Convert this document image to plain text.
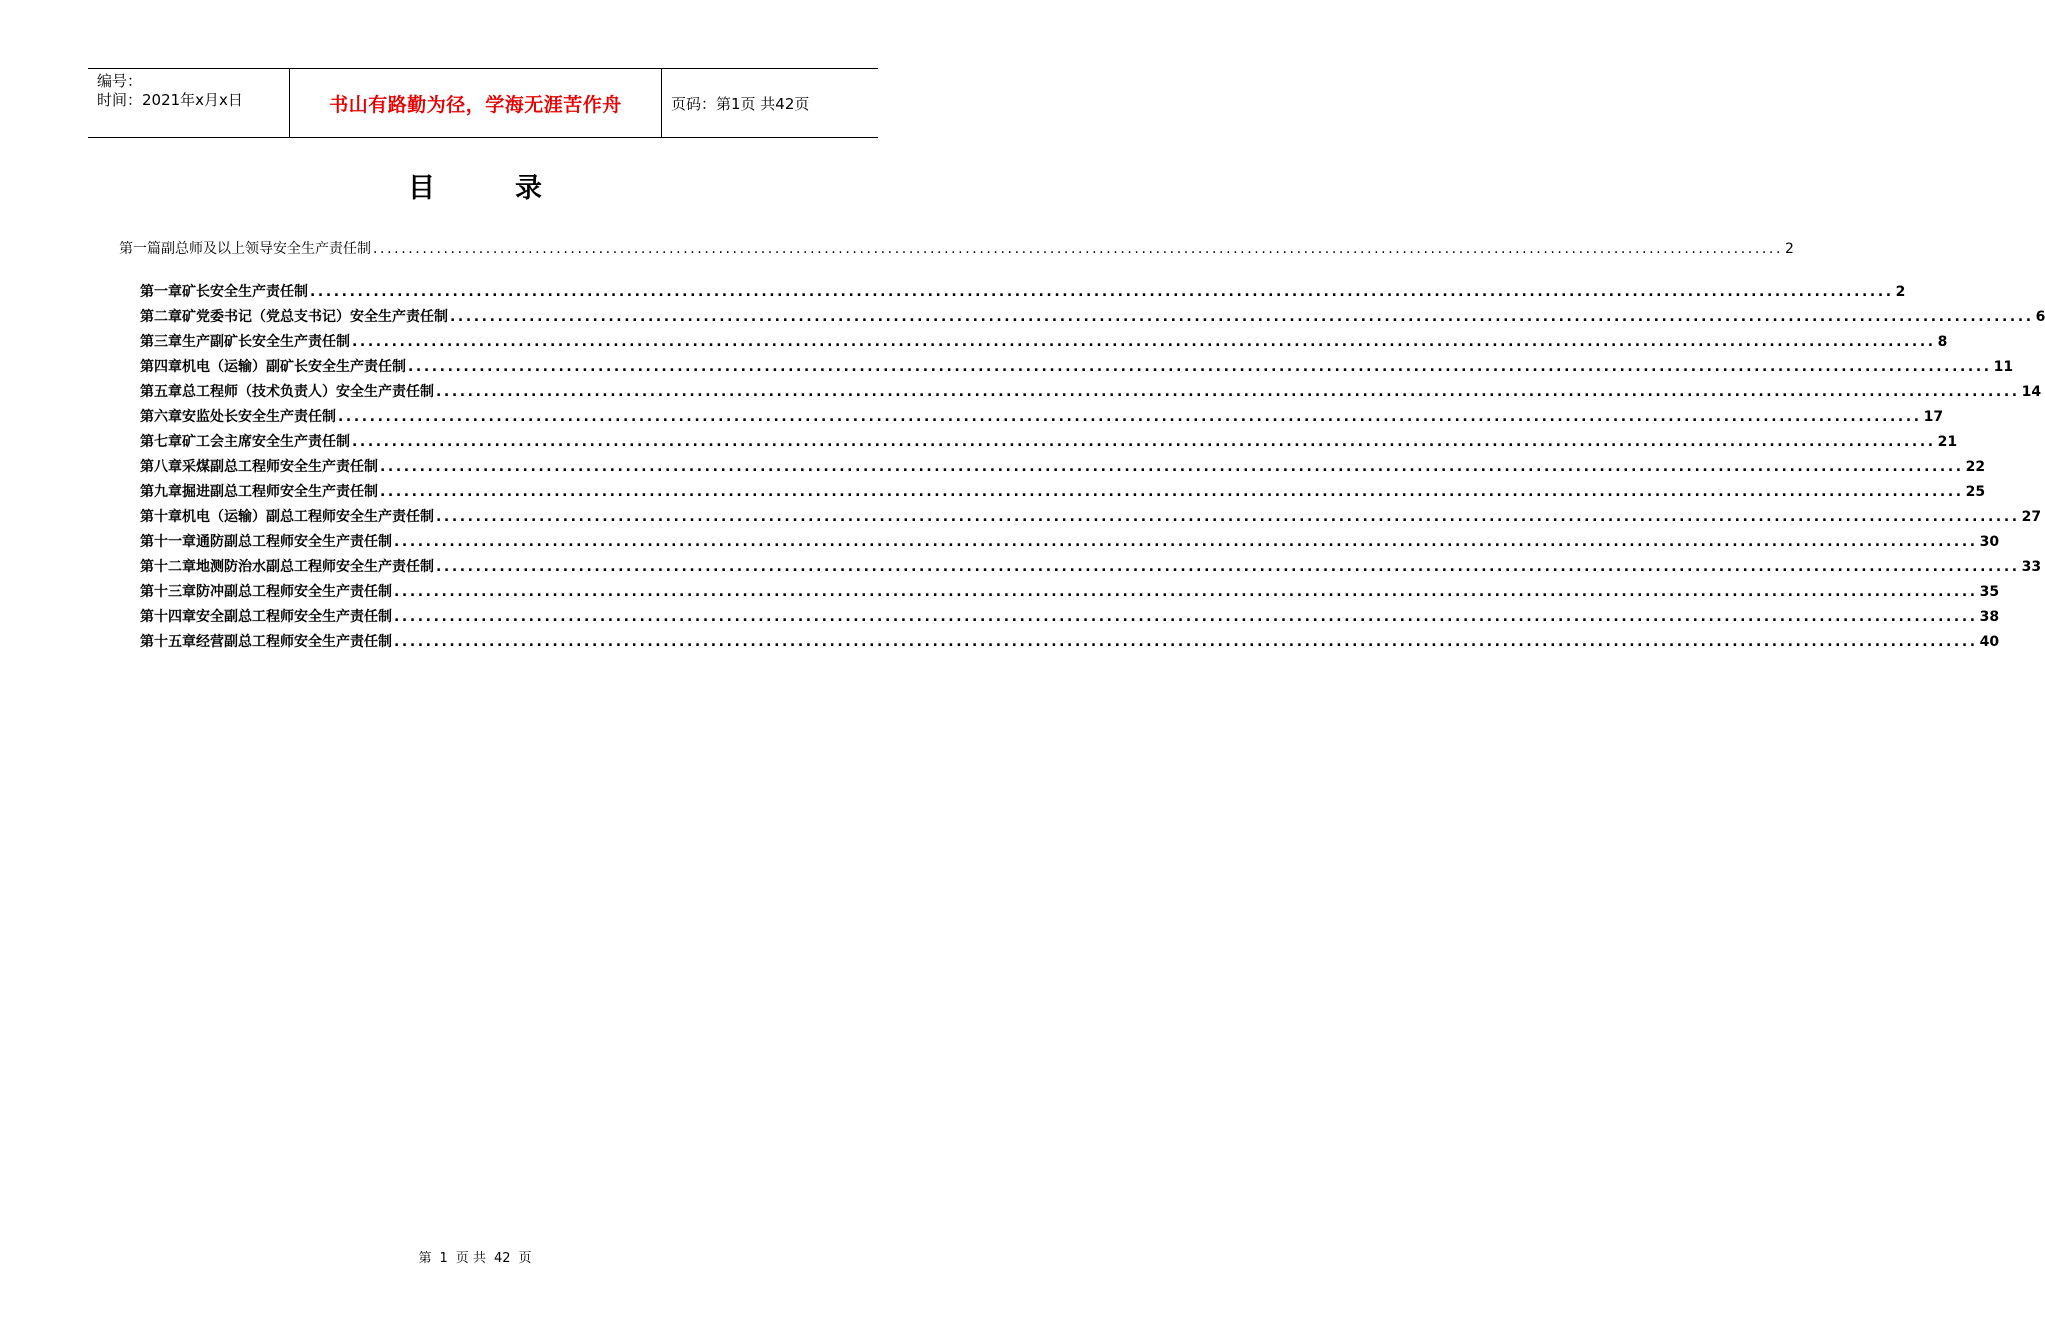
编号：
时间：2021年x月x日	书山有路勤为径，学海无涯苦作舟	页码：第1页 共42页
目录
第一篇 副总师及以上领导安全生产责任制 ........................................................................................................................................................................................................ 2
第一章 矿长安全生产责任制 ........................................................................................................................................................................................................ 2
第二章 矿党委书记（党总支书记）安全生产责任制 ........................................................................................................................................................................................................ 6
第三章 生产副矿长安全生产责任制 ........................................................................................................................................................................................................ 8
第四章 机电（运输）副矿长安全生产责任制 ........................................................................................................................................................................................................ 11
第五章 总工程师（技术负责人）安全生产责任制 ........................................................................................................................................................................................................ 14
第六章 安监处长安全生产责任制 ........................................................................................................................................................................................................ 17
第七章 矿工会主席安全生产责任制 ........................................................................................................................................................................................................ 21
第八章 采煤副总工程师安全生产责任制 ........................................................................................................................................................................................................ 22
第九章 掘进副总工程师安全生产责任制 ........................................................................................................................................................................................................ 25
第十章 机电（运输）副总工程师安全生产责任制 ........................................................................................................................................................................................................ 27
第十一章 通防副总工程师安全生产责任制 ........................................................................................................................................................................................................ 30
第十二章 地测防治水副总工程师安全生产责任制 ........................................................................................................................................................................................................ 33
第十三章 防冲副总工程师安全生产责任制 ........................................................................................................................................................................................................ 35
第十四章 安全副总工程师安全生产责任制 ........................................................................................................................................................................................................ 38
第十五章 经营副总工程师安全生产责任制 ........................................................................................................................................................................................................ 40
第 1 页 共 42 页
